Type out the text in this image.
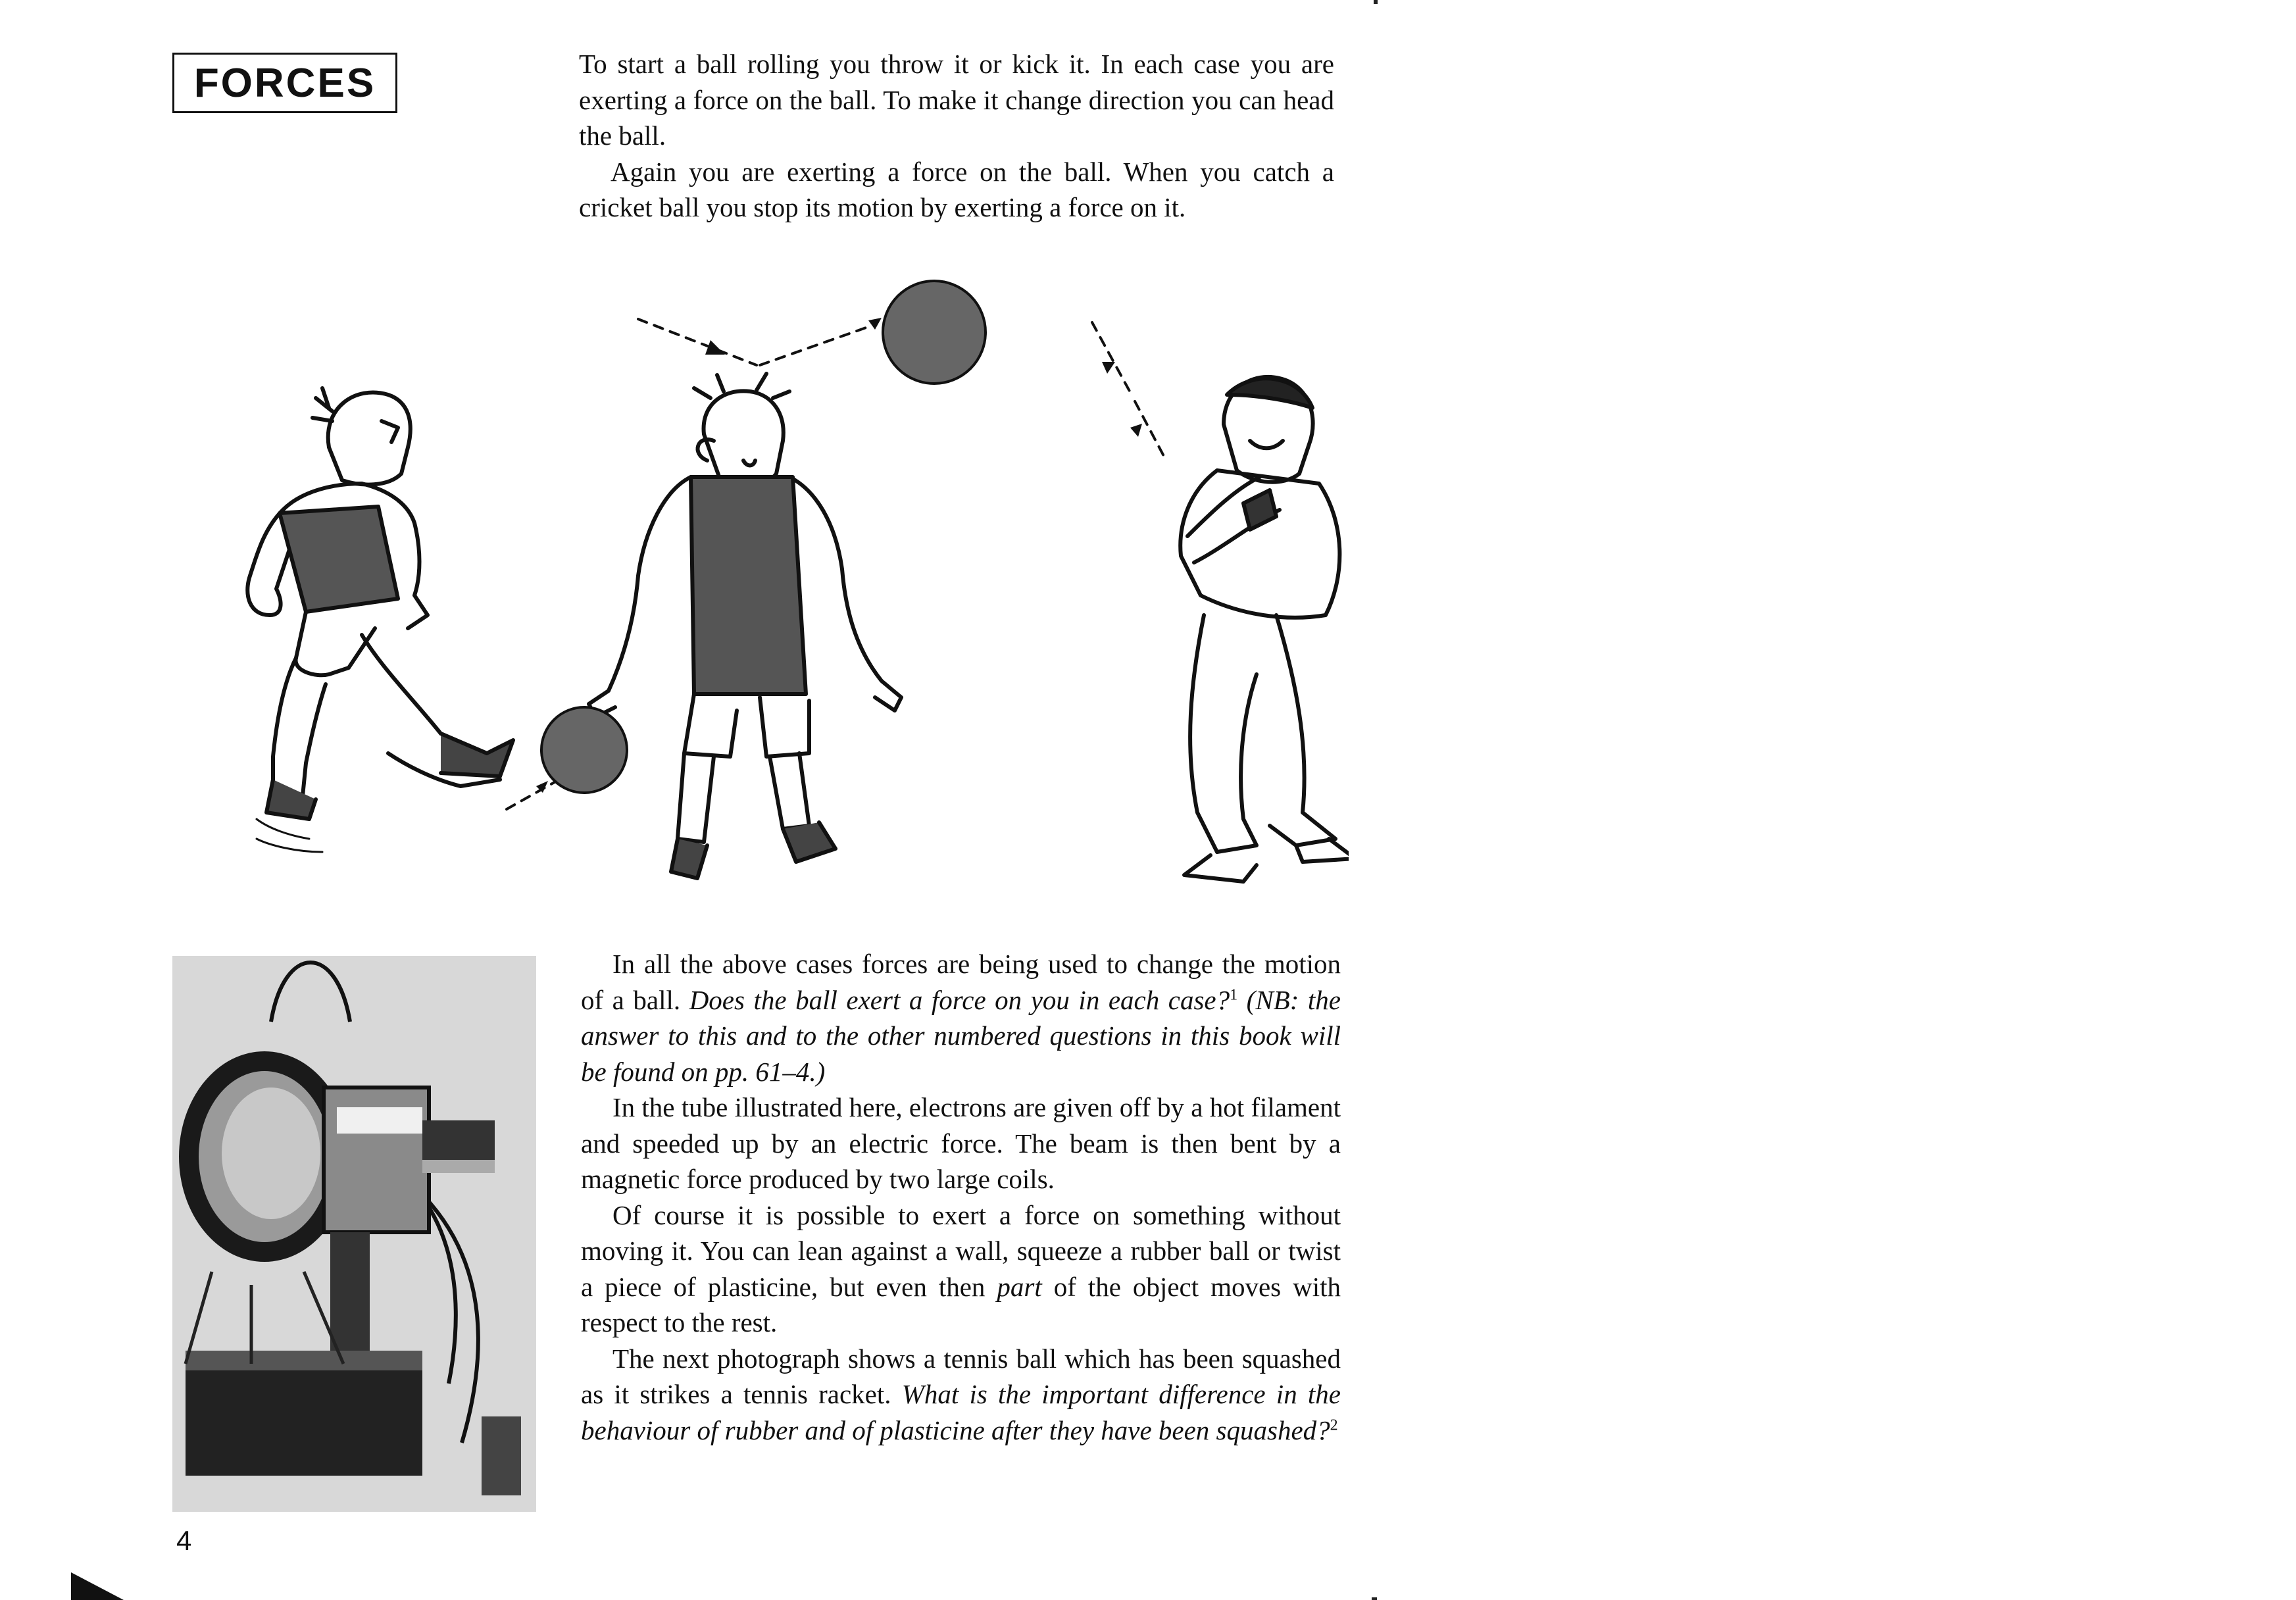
FORCES	To start a ball rolling you throw it or kick it. In each case you are exerting a force on the ball. To make it change direction you can head the ball.

Again you are exerting a force on the ball. When you catch a cricket ball you stop its motion by exerting a force on it.

In all the above cases forces are being used to change the motion of a ball. Does the ball exert a force on you in each case?$^1$ (NB: the answer to this and to the other numbered questions in this book will be found on pp. 61–4.)

In the tube illustrated here, electrons are given off by a hot filament and speeded up by an electric force. The beam is then bent by a magnetic force produced by two large coils.

Of course it is possible to exert a force on something without moving it. You can lean against a wall, squeeze a rubber ball or twist a piece of plasticine, but even then part of the object moves with respect to the rest.

The next photograph shows a tennis ball which has been squashed as it strikes a tennis racket. What is the important difference in the behaviour of rubber and of plasticine after they have been squashed?$^2$

4
